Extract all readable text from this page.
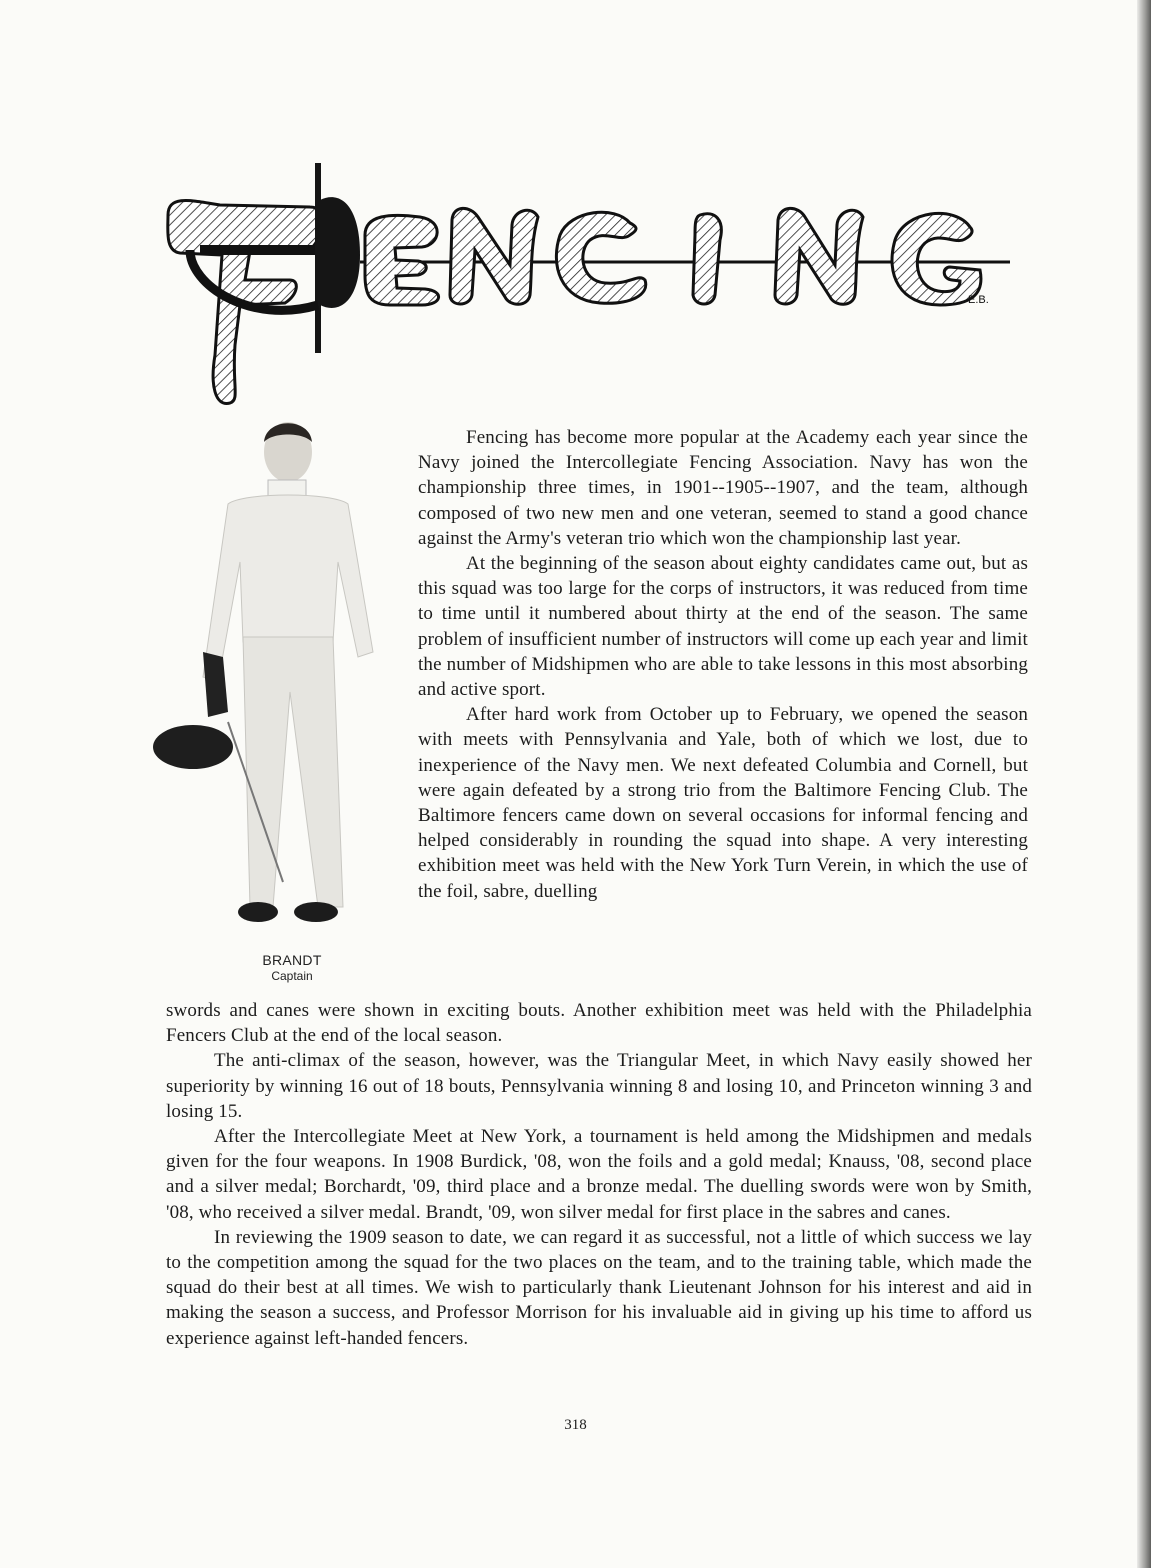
E.B.
BRANDT
Captain

Fencing has become more popular at the Academy each year since the Navy joined the Intercollegiate Fencing Association. Navy has won the championship three times, in 1901--1905--1907, and the team, although composed of two new men and one veteran, seemed to stand a good chance against the Army's veteran trio which won the championship last year.

At the beginning of the season about eighty candidates came out, but as this squad was too large for the corps of instructors, it was reduced from time to time until it numbered about thirty at the end of the season. The same problem of insufficient number of instructors will come up each year and limit the number of Midshipmen who are able to take lessons in this most absorbing and active sport.

After hard work from October up to February, we opened the season with meets with Pennsylvania and Yale, both of which we lost, due to inexperience of the Navy men. We next defeated Columbia and Cornell, but were again defeated by a strong trio from the Baltimore Fencing Club. The Baltimore fencers came down on several occasions for informal fencing and helped considerably in rounding the squad into shape. A very interesting exhibition meet was held with the New York Turn Verein, in which the use of the foil, sabre, duelling

swords and canes were shown in exciting bouts. Another exhibition meet was held with the Philadelphia Fencers Club at the end of the local season.

The anti-climax of the season, however, was the Triangular Meet, in which Navy easily showed her superiority by winning 16 out of 18 bouts, Pennsylvania winning 8 and losing 10, and Princeton winning 3 and losing 15.

After the Intercollegiate Meet at New York, a tournament is held among the Midshipmen and medals given for the four weapons. In 1908 Burdick, '08, won the foils and a gold medal; Knauss, '08, second place and a silver medal; Borchardt, '09, third place and a bronze medal. The duelling swords were won by Smith, '08, who received a silver medal. Brandt, '09, won silver medal for first place in the sabres and canes.

In reviewing the 1909 season to date, we can regard it as successful, not a little of which success we lay to the competition among the squad for the two places on the team, and to the training table, which made the squad do their best at all times. We wish to particularly thank Lieutenant Johnson for his interest and aid in making the season a success, and Professor Morrison for his invaluable aid in giving up his time to afford us experience against left-handed fencers.

318
